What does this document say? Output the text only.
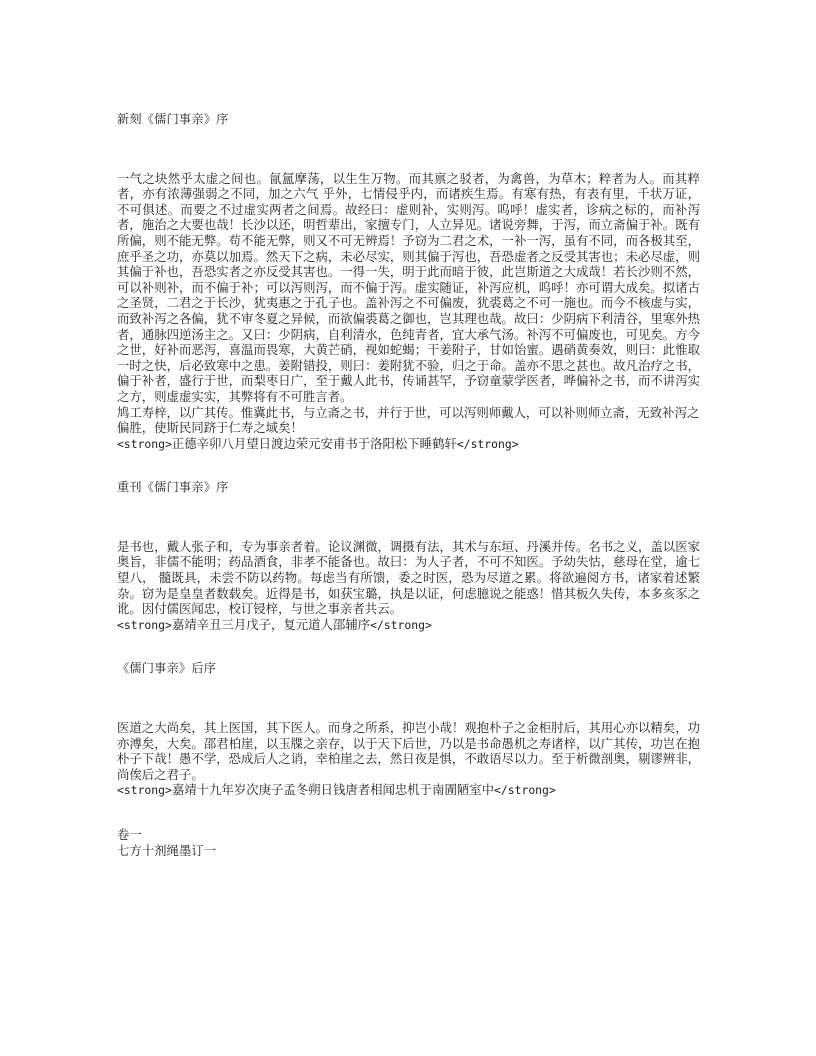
新刻《儒门事亲》序

一气之块然乎太虚之间也。氤氲摩荡，以生生万物。而其禀之驳者，为禽兽，为草木；粹者为人。而其粹者，亦有浓薄强弱之不同，加之六气 乎外，七情侵乎内，而诸疾生焉。有寒有热，有表有里，千状万证，不可俱述。而要之不过虚实两者之间焉。故经曰：虚则补，实则泻。呜呼！虚实者，诊病之标的，而补泻者，施治之大要也哉！长沙以还，明哲辈出，家擅专门，人立异见。诸说旁舞，于泻，而立斋偏于补。既有所偏，则不能无弊。苟不能无弊，则又不可无辨焉！予窃为二君之术，一补一泻，虽有不同，而各极其至，庶乎圣之功，亦莫以加焉。然天下之病，未必尽实，则其偏于泻也，吾恐虚者之反受其害也；未必尽虚，则其偏于补也，吾恐实者之亦反受其害也。一得一失，明于此而暗于彼，此岂斯道之大成哉！若长沙则不然，可以补则补，而不偏于补；可以泻则泻，而不偏于泻。虚实随证，补泻应机，呜呼！亦可谓大成矣。拟诸古之圣贤，二君之于长沙，犹夷惠之于孔子也。盖补泻之不可偏废，犹裘葛之不可一施也。而今不核虚与实，而致补泻之各偏，犹不审冬夏之异候，而欲偏裘葛之御也，岂其理也哉。故曰：少阴病下利清谷，里寒外热者，通脉四逆汤主之。又曰：少阴病，自利清水，色纯青者，宜大承气汤。补泻不可偏废也，可见矣。方今之世，好补而恶泻，喜温而畏寒，大黄芒硝，视如蛇蝎；干姜附子，甘如饴蜜。遇硝黄奏效，则曰：此惟取一时之快，后必致寒中之患。姜附错投，则曰：姜附犹不验，归之于命。盖亦不思之甚也。故凡治疗之书，偏于补者，盛行于世，而梨枣日广，至于戴人此书，传诵甚罕，予窃童蒙学医者，哗偏补之书，而不讲泻实之方，则虚虚实实，其弊将有不可胜言者。

鸠工寿梓，以广其传。惟冀此书，与立斋之书，并行于世，可以泻则师戴人，可以补则师立斋，无致补泻之偏胜，使斯民同跻于仁寿之域矣！

<strong>正德辛卯八月望日渡边荣元安甫书于洛阳松下睡鹤轩</strong>

重刊《儒门事亲》序

是书也，戴人张子和，专为事亲者着。论议渊微，调摄有法，其术与东垣、丹溪并传。名书之义，盖以医家奥旨，非儒不能明；药品酒食，非孝不能备也。故曰：为人子者，不可不知医。予幼失怙，慈母在堂，逾七望八， 髓既具，未尝不防以药物。每虑当有所馈，委之时医，恐为尽道之累。将欲遍阅方书，诸家着述繁杂。窃为是皇皇者数载矣。近得是书，如获宝璐，执是以证，何虑臆说之能惑！惜其板久失传，本多亥豕之讹。因付儒医闻忠，校订锓梓，与世之事亲者共云。

<strong>嘉靖辛丑三月戊子，复元道人邵辅序</strong>

《儒门事亲》后序

医道之大尚矣，其上医国，其下医人。而身之所系，抑岂小哉！观抱朴子之金柜肘后，其用心亦以精矣，功亦溥矣，大矣。邵君柏崖，以玉牒之亲存，以于天下后世，乃以是书命愚机之寿诸梓，以广其传，功岂在抱朴子下哉！愚不学，恐成后人之诮，幸柏崖之去，然日夜是惧，不敢语尽以力。至于析微剖奥，剔谬辨非，尚俟后之君子。

<strong>嘉靖十九年岁次庚子孟冬朔日钱唐者相闻忠机于南圊陋室中</strong>

卷一

七方十剂绳墨订一
